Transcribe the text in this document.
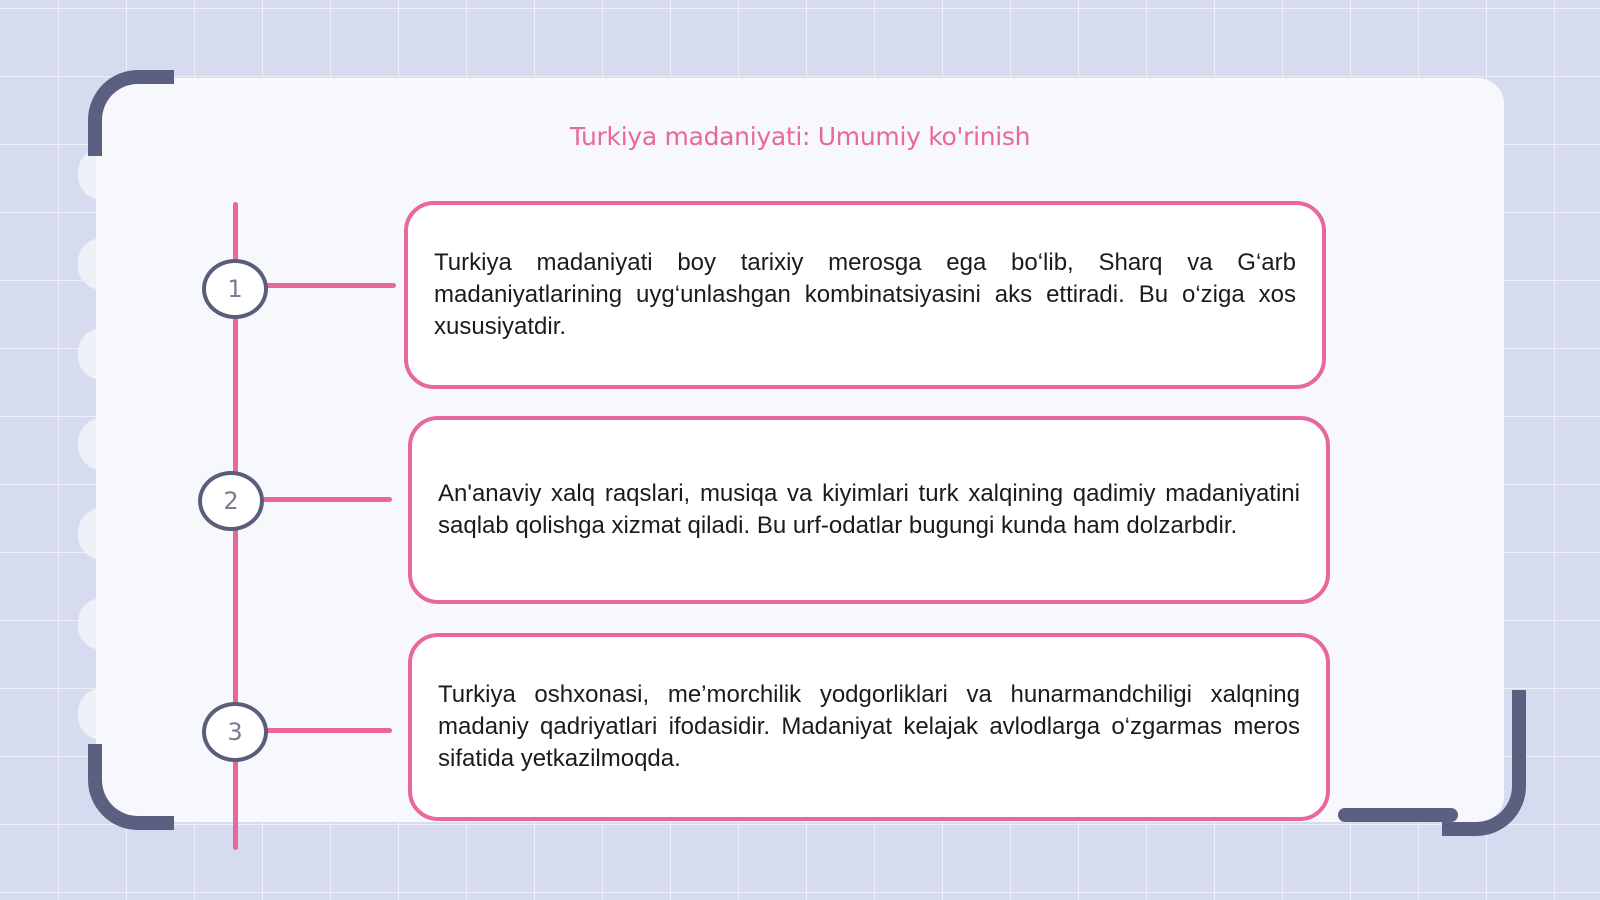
Turkiya madaniyati: Umumiy ko'rinish
1

Turkiya madaniyati boy tarixiy merosga ega bo‘lib, Sharq va G‘arb madaniyatlarining uyg‘unlashgan kombinatsiyasini aks ettiradi. Bu o‘ziga xos xususiyatdir.

2	An'anaviy xalq raqslari, musiqa va kiyimlari turk xalqining qadimiy madaniyatini saqlab qolishga xizmat qiladi. Bu urf-odatlar bugungi kunda ham dolzarbdir.

3

Turkiya oshxonasi, me’morchilik yodgorliklari va hunarmandchiligi xalqning madaniy qadriyatlari ifodasidir. Madaniyat kelajak avlodlarga o‘zgarmas meros sifatida yetkazilmoqda.
